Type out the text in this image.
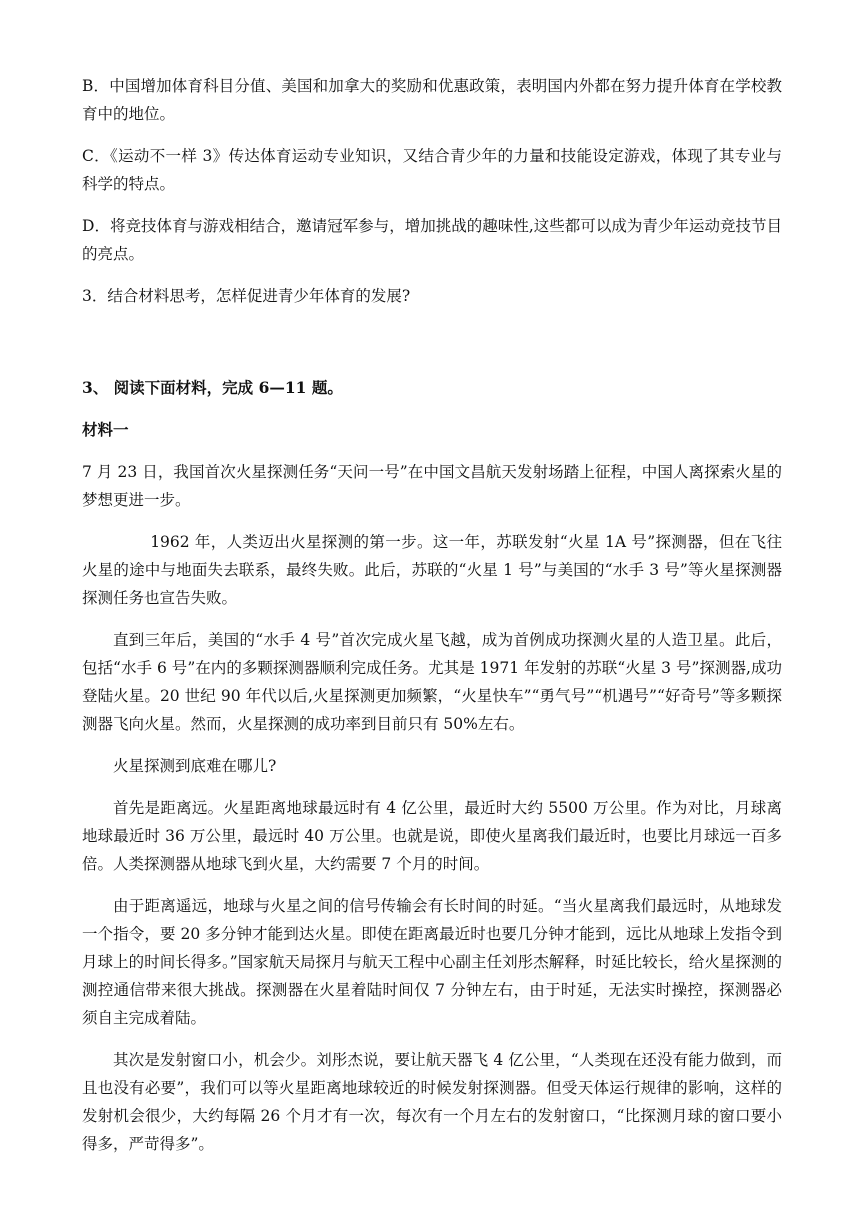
B．中国增加体育科目分值、美国和加拿大的奖励和优惠政策，表明国内外都在努力提升体育在学校教育中的地位。

C．《运动不一样 3》传达体育运动专业知识，又结合青少年的力量和技能设定游戏，体现了其专业与科学的特点。

D．将竞技体育与游戏相结合，邀请冠军参与，增加挑战的趣味性,这些都可以成为青少年运动竞技节目的亮点。

3．结合材料思考，怎样促进青少年体育的发展?

3、 阅读下面材料，完成 6—11 题。

材料一

7 月 23 日，我国首次火星探测任务“天问一号”在中国文昌航天发射场踏上征程，中国人离探索火星的梦想更进一步。

1962 年，人类迈出火星探测的第一步。这一年，苏联发射“火星 1A 号”探测器，但在飞往火星的途中与地面失去联系，最终失败。此后，苏联的“火星 1 号”与美国的“水手 3 号”等火星探测器探测任务也宣告失败。

直到三年后，美国的“水手 4 号”首次完成火星飞越，成为首例成功探测火星的人造卫星。此后，包括“水手 6 号”在内的多颗探测器顺利完成任务。尤其是 1971 年发射的苏联“火星 3 号”探测器,成功登陆火星。20 世纪 90 年代以后,火星探测更加频繁，“火星快车”“勇气号”“机遇号”“好奇号”等多颗探测器飞向火星。然而，火星探测的成功率到目前只有 50%左右。

火星探测到底难在哪儿?

首先是距离远。火星距离地球最远时有 4 亿公里，最近时大约 5500 万公里。作为对比，月球离地球最近时 36 万公里，最远时 40 万公里。也就是说，即使火星离我们最近时，也要比月球远一百多倍。人类探测器从地球飞到火星，大约需要 7 个月的时间。

由于距离遥远，地球与火星之间的信号传输会有长时间的时延。“当火星离我们最远时，从地球发一个指令，要 20 多分钟才能到达火星。即使在距离最近时也要几分钟才能到，远比从地球上发指令到月球上的时间长得多。”国家航天局探月与航天工程中心副主任刘彤杰解释，时延比较长，给火星探测的测控通信带来很大挑战。探测器在火星着陆时间仅 7 分钟左右，由于时延，无法实时操控，探测器必须自主完成着陆。

其次是发射窗口小，机会少。刘彤杰说，要让航天器飞 4 亿公里，“人类现在还没有能力做到，而且也没有必要”，我们可以等火星距离地球较近的时候发射探测器。但受天体运行规律的影响，这样的发射机会很少，大约每隔 26 个月才有一次，每次有一个月左右的发射窗口，“比探测月球的窗口要小得多，严苛得多”。
